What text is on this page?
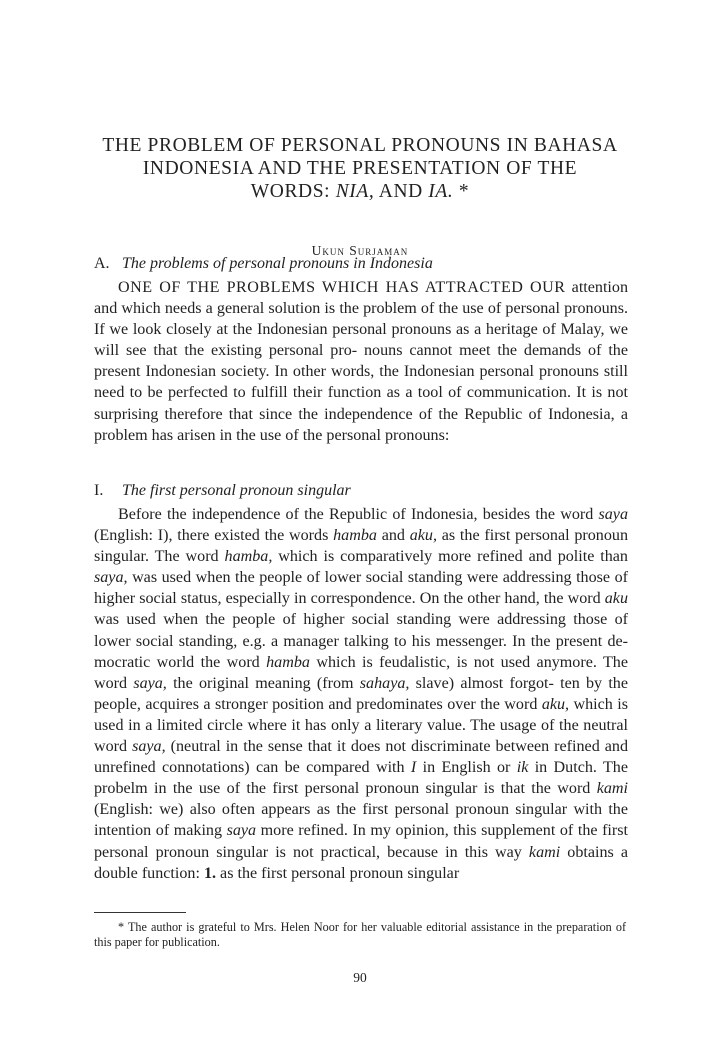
THE PROBLEM OF PERSONAL PRONOUNS IN BAHASA
INDONESIA AND THE PRESENTATION OF THE
WORDS: NIA, AND IA. *
Ukun Surjaman
A. The problems of personal pronouns in Indonesia

ONE OF THE PROBLEMS WHICH HAS ATTRACTED OUR attention and which needs a general solution is the problem of the use of personal pronouns. If we look closely at the Indonesian personal pronouns as a heritage of Malay, we will see that the existing personal pro- nouns cannot meet the demands of the present Indonesian society. In other words, the Indonesian personal pronouns still need to be perfected to fulfill their function as a tool of communication. It is not surprising therefore that since the independence of the Republic of Indonesia, a problem has arisen in the use of the personal pronouns:

I. The first personal pronoun singular

Before the independence of the Republic of Indonesia, besides the word saya (English: I), there existed the words hamba and aku, as the first personal pronoun singular. The word hamba, which is comparatively more refined and polite than saya, was used when the people of lower social standing were addressing those of higher social status, especially in correspondence. On the other hand, the word aku was used when the people of higher social standing were addressing those of lower social standing, e.g. a manager talking to his messenger. In the present de- mocratic world the word hamba which is feudalistic, is not used anymore. The word saya, the original meaning (from sahaya, slave) almost forgot- ten by the people, acquires a stronger position and predominates over the word aku, which is used in a limited circle where it has only a literary value. The usage of the neutral word saya, (neutral in the sense that it does not discriminate between refined and unrefined connotations) can be compared with I in English or ik in Dutch. The probelm in the use of the first personal pronoun singular is that the word kami (English: we) also often appears as the first personal pronoun singular with the intention of making saya more refined. In my opinion, this supplement of the first personal pronoun singular is not practical, because in this way kami obtains a double function: 1. as the first personal pronoun singular

* The author is grateful to Mrs. Helen Noor for her valuable editorial assistance in the preparation of this paper for publication.

90
